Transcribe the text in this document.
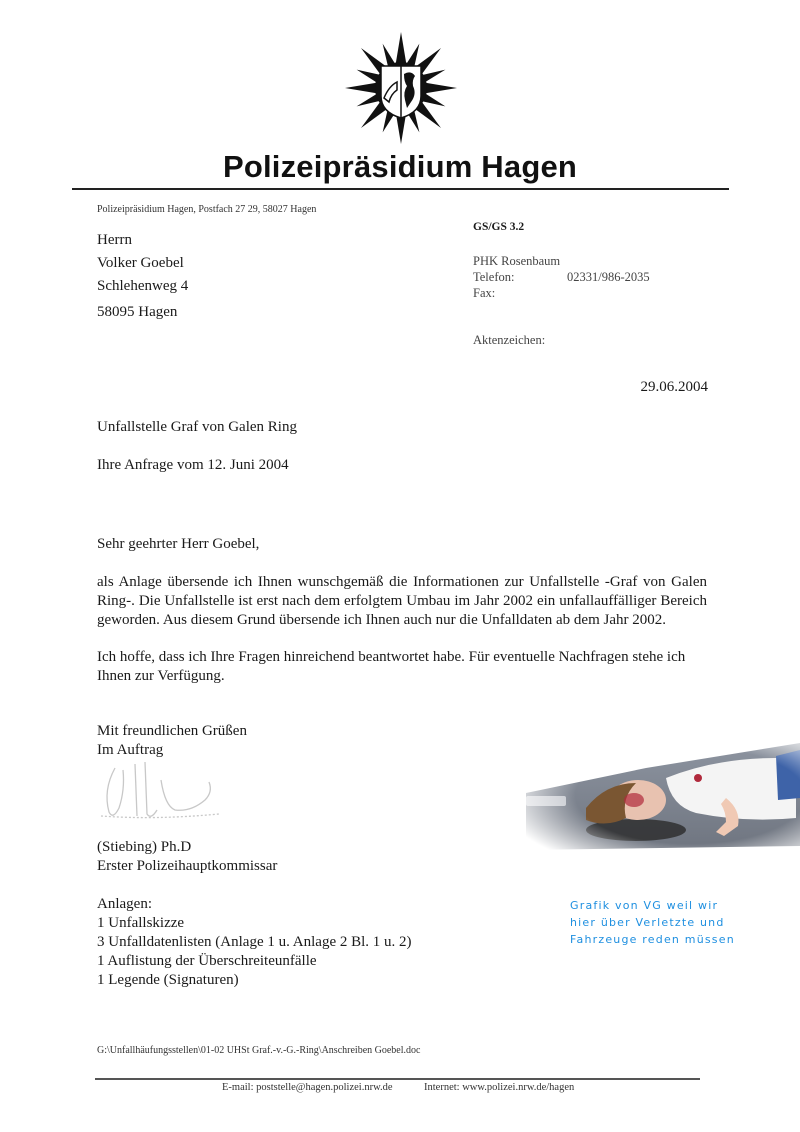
Polizeipräsidium Hagen
Polizeipräsidium Hagen, Postfach 27 29, 58027 Hagen
Herrn
Volker Goebel
Schlehenweg 4
58095 Hagen
GS/GS 3.2
PHK Rosenbaum
Telefon:	02331/986-2035
Fax:
Aktenzeichen:
29.06.2004
Unfallstelle Graf von Galen Ring
Ihre Anfrage vom 12. Juni 2004
Sehr geehrter Herr Goebel,
als Anlage übersende ich Ihnen wunschgemäß die Informationen zur Unfallstelle -Graf von Galen Ring-. Die Unfallstelle ist erst nach dem erfolgtem Umbau im Jahr 2002 ein unfallauffälliger Bereich geworden. Aus diesem Grund übersende ich Ihnen auch nur die Unfalldaten ab dem Jahr 2002.
Ich hoffe, dass ich Ihre Fragen hinreichend beantwortet habe. Für eventuelle Nachfragen stehe ich Ihnen zur Verfügung.
Mit freundlichen Grüßen
Im Auftrag
(Stiebing) Ph.D
Erster Polizeihauptkommissar
Anlagen:
1 Unfallskizze
3 Unfalldatenlisten (Anlage 1 u. Anlage 2 Bl. 1 u. 2)
1 Auflistung der Überschreiteunfälle
1 Legende (Signaturen)
Grafik von VG weil wir
hier über Verletzte und
Fahrzeuge reden müssen
G:\Unfallhäufungsstellen\01-02 UHSt Graf.-v.-G.-Ring\Anschreiben Goebel.doc
E-mail: poststelle@hagen.polizei.nrw.de	Internet: www.polizei.nrw.de/hagen
